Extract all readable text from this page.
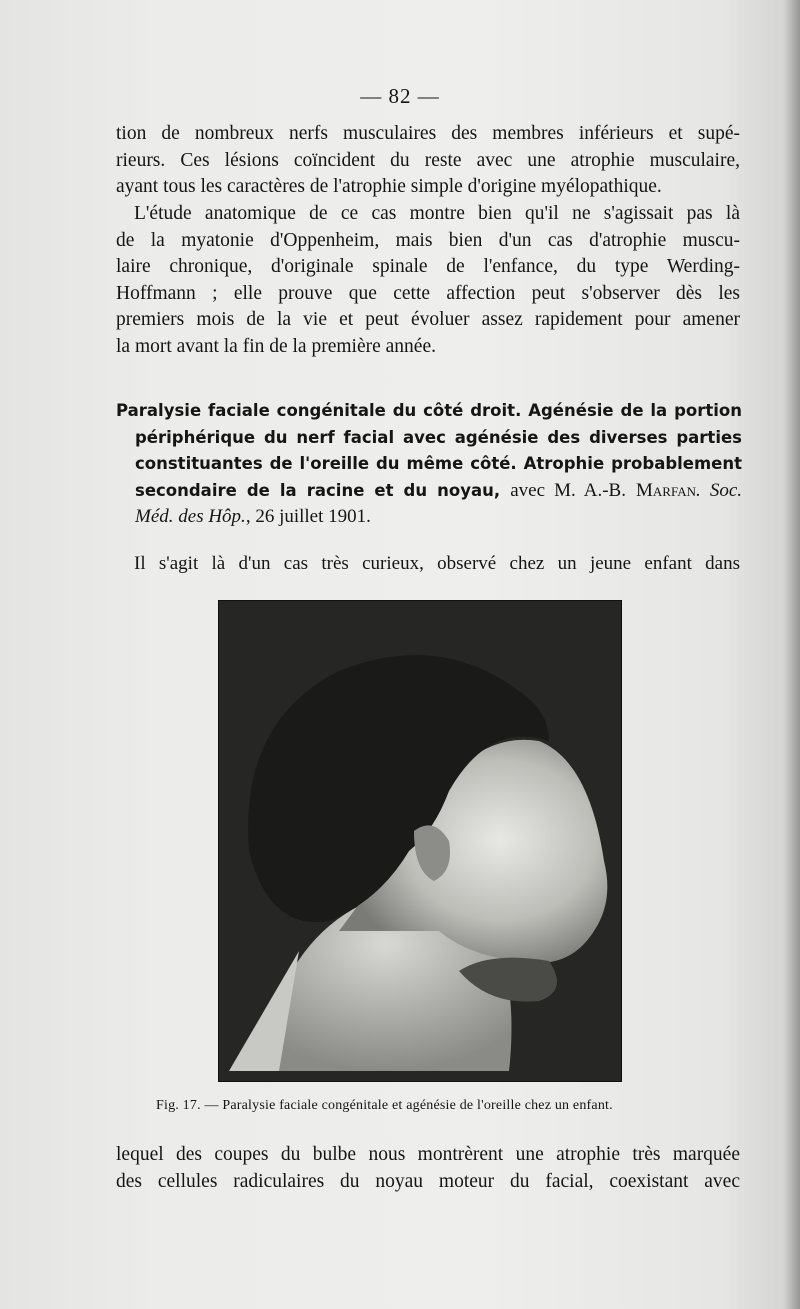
— 82 —
tion de nombreux nerfs musculaires des membres inférieurs et supé-
rieurs. Ces lésions coïncident du reste avec une atrophie musculaire,
ayant tous les caractères de l'atrophie simple d'origine myélopathique.
L'étude anatomique de ce cas montre bien qu'il ne s'agissait pas là
de la myatonie d'Oppenheim, mais bien d'un cas d'atrophie muscu-
laire chronique, d'originale spinale de l'enfance, du type Werding-
Hoffmann ; elle prouve que cette affection peut s'observer dès les
premiers mois de la vie et peut évoluer assez rapidement pour amener
la mort avant la fin de la première année.
Paralysie faciale congénitale du côté droit. Agénésie de la portion
périphérique du nerf facial avec agénésie des diverses parties
constituantes de l'oreille du même côté. Atrophie probablement
secondaire de la racine et du noyau, avec M. A.-B. Marfan. Soc.
Méd. des Hôp., 26 juillet 1901.
Il s'agit là d'un cas très curieux, observé chez un jeune enfant dans
Fig. 17. — Paralysie faciale congénitale et agénésie de l'oreille chez un enfant.
lequel des coupes du bulbe nous montrèrent une atrophie très marquée
des cellules radiculaires du noyau moteur du facial, coexistant avec
